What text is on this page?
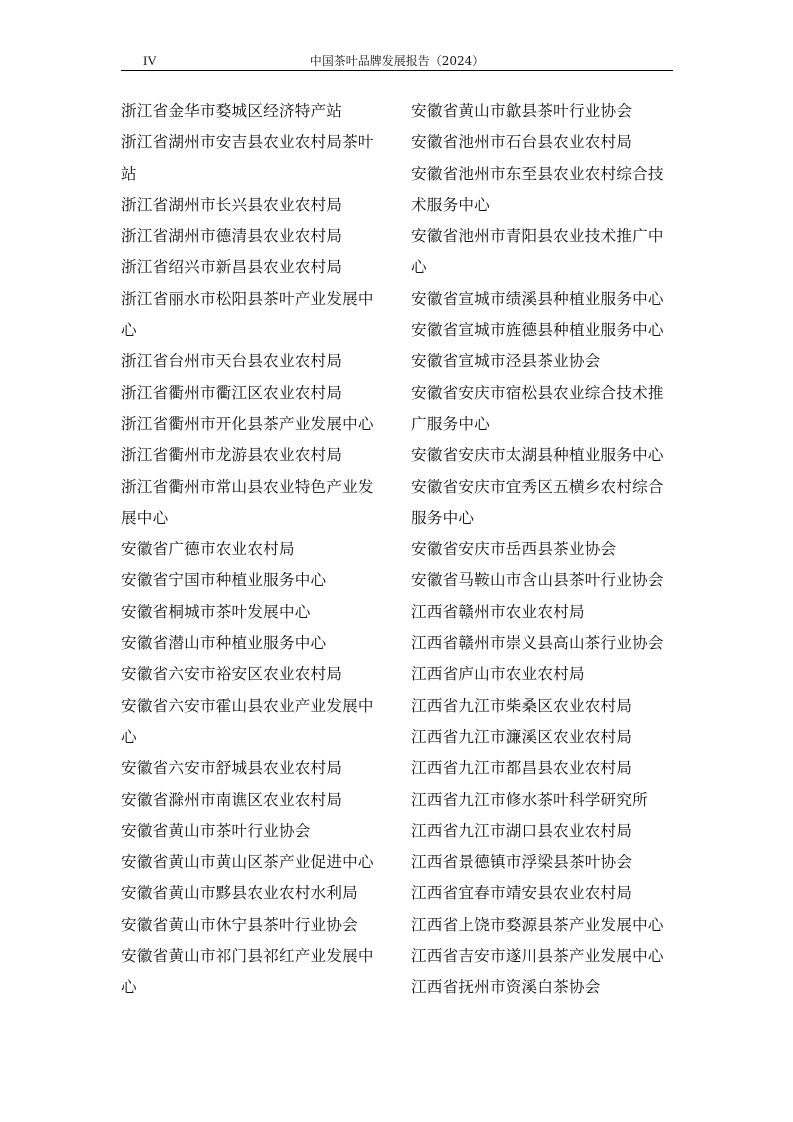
IV	中国茶叶品牌发展报告（2024）
浙江省金华市婺城区经济特产站
浙江省湖州市安吉县农业农村局茶叶站
浙江省湖州市长兴县农业农村局
浙江省湖州市德清县农业农村局
浙江省绍兴市新昌县农业农村局
浙江省丽水市松阳县茶叶产业发展中心
浙江省台州市天台县农业农村局
浙江省衢州市衢江区农业农村局
浙江省衢州市开化县茶产业发展中心
浙江省衢州市龙游县农业农村局
浙江省衢州市常山县农业特色产业发展中心
安徽省广德市农业农村局
安徽省宁国市种植业服务中心
安徽省桐城市茶叶发展中心
安徽省潜山市种植业服务中心
安徽省六安市裕安区农业农村局
安徽省六安市霍山县农业产业发展中心
安徽省六安市舒城县农业农村局
安徽省滁州市南谯区农业农村局
安徽省黄山市茶叶行业协会
安徽省黄山市黄山区茶产业促进中心
安徽省黄山市黟县农业农村水利局
安徽省黄山市休宁县茶叶行业协会
安徽省黄山市祁门县祁红产业发展中心
安徽省黄山市歙县茶叶行业协会
安徽省池州市石台县农业农村局
安徽省池州市东至县农业农村综合技术服务中心
安徽省池州市青阳县农业技术推广中心
安徽省宣城市绩溪县种植业服务中心
安徽省宣城市旌德县种植业服务中心
安徽省宣城市泾县茶业协会
安徽省安庆市宿松县农业综合技术推广服务中心
安徽省安庆市太湖县种植业服务中心
安徽省安庆市宜秀区五横乡农村综合服务中心
安徽省安庆市岳西县茶业协会
安徽省马鞍山市含山县茶叶行业协会
江西省赣州市农业农村局
江西省赣州市崇义县高山茶行业协会
江西省庐山市农业农村局
江西省九江市柴桑区农业农村局
江西省九江市濂溪区农业农村局
江西省九江市都昌县农业农村局
江西省九江市修水茶叶科学研究所
江西省九江市湖口县农业农村局
江西省景德镇市浮梁县茶叶协会
江西省宜春市靖安县农业农村局
江西省上饶市婺源县茶产业发展中心
江西省吉安市遂川县茶产业发展中心
江西省抚州市资溪白茶协会
